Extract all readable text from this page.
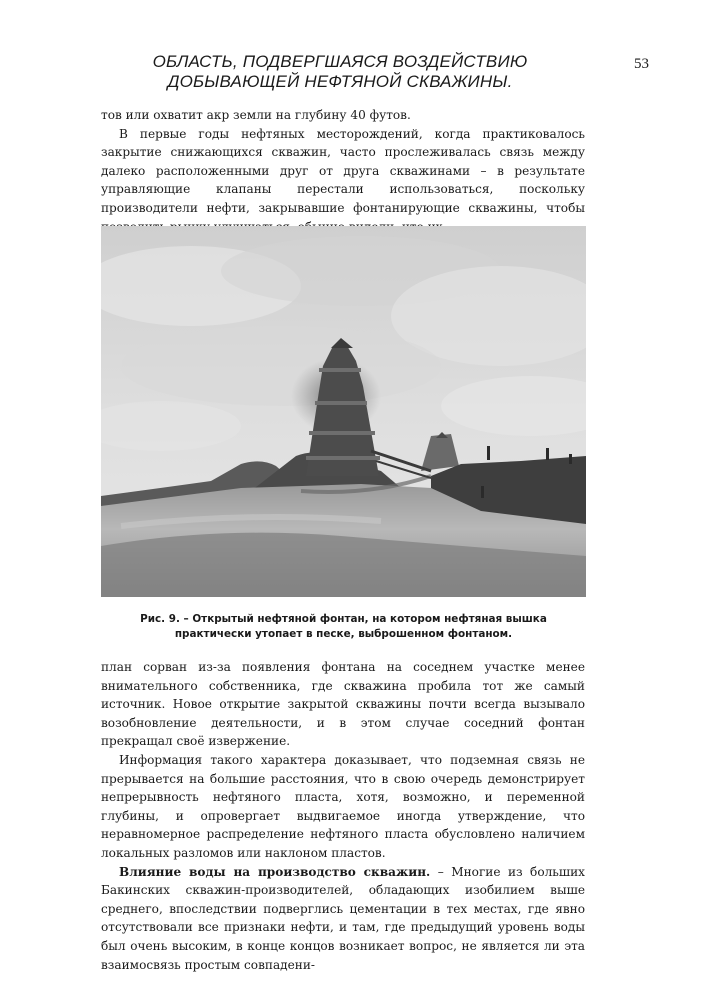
ОБЛАСТЬ, ПОДВЕРГШАЯСЯ ВОЗДЕЙСТВИЮ
ДОБЫВАЮЩЕЙ НЕФТЯНОЙ СКВАЖИНЫ.
53

тов или охватит акр земли на глубину 40 футов.

В первые годы нефтяных месторождений, когда практиковалось закрытие снижающихся скважин, часто прослеживалась связь между далеко расположенными друг от друга скважинами – в результате управляющие клапаны перестали использоваться, поскольку производители нефти, закрывавшие фонтанирующие скважины, чтобы

Рис. 9. – Открытый нефтяной фонтан, на котором нефтяная вышка практически утопает в песке, выброшенном фонтаном.

план сорван из-за появления фонтана на соседнем участке менее внимательного собственника, где скважина пробила тот же самый источник. Новое открытие закрытой скважины почти всегда вызывало возобновление деятельности, и в этом случае соседний фонтан прекращал своё извержение.

Информация такого характера доказывает, что подземная связь не прерывается на большие расстояния, что в свою очередь демонстрирует непрерывность нефтяного пласта, хотя, возможно, и переменной глубины, и опровергает выдвигаемое иногда утверждение, что неравномерное распределение нефтяного пласта обусловлено наличием локальных разломов или наклоном пластов.

Влияние воды на производство скважин. – Многие из больших Бакинских скважин-производителей, обладающих изобилием выше среднего, впоследствии подверглись цементации в тех местах, где явно отсутствовали все признаки нефти, и там, где предыдущий уровень воды был очень высоким, в конце концов возникает вопрос, не является ли эта взаимосвязь простым совпадени-
